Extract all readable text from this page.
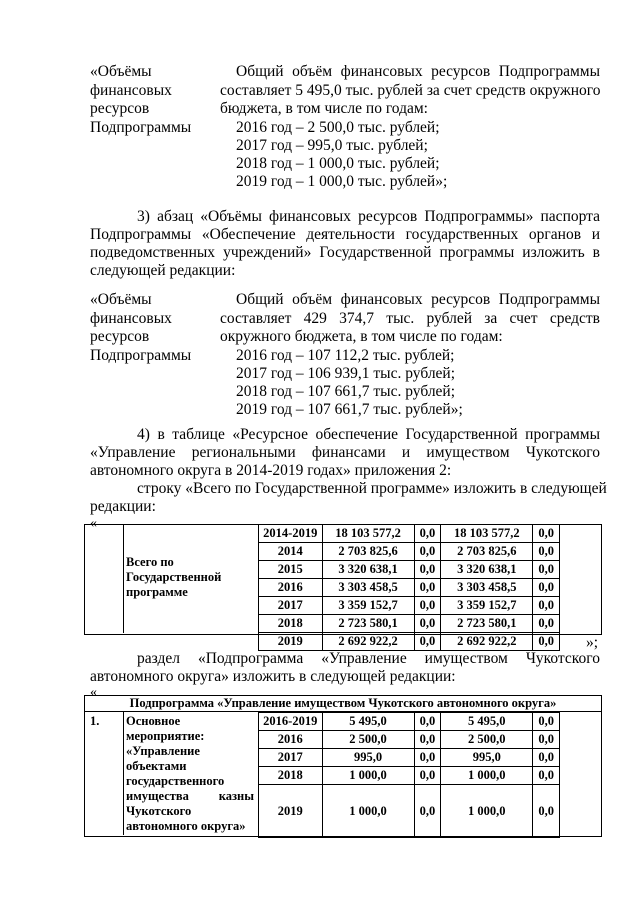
«Объёмы
финансовых
ресурсов
Подпрограммы
Общий объём финансовых ресурсов Подпрограммы
составляет 5 495,0 тыс. рублей за счет средств окружного
бюджета, в том числе по годам:
2016 год – 2 500,0 тыс. рублей;
2017 год – 995,0 тыс. рублей;
2018 год – 1 000,0 тыс. рублей;
2019 год – 1 000,0 тыс. рублей»;
3) абзац «Объёмы финансовых ресурсов Подпрограммы» паспорта
Подпрограммы «Обеспечение деятельности государственных органов и
подведомственных учреждений» Государственной программы изложить в
следующей редакции:
«Объёмы
финансовых
ресурсов
Подпрограммы
Общий объём финансовых ресурсов Подпрограммы
составляет 429 374,7 тыс. рублей за счет средств
окружного бюджета, в том числе по годам:
2016 год – 107 112,2 тыс. рублей;
2017 год – 106 939,1 тыс. рублей;
2018 год – 107 661,7 тыс. рублей;
2019 год – 107 661,7 тыс. рублей»;
4) в таблице «Ресурсное обеспечение Государственной программы
«Управление региональными финансами и имуществом Чукотского
автономного округа в 2014-2019 годах» приложения 2:
строку «Всего по Государственной программе» изложить в следующей
редакции:
«
Всего по
Государственной
программе
2014-2019	18 103 577,2	0,0	18 103 577,2	0,0
2014	2 703 825,6	0,0	2 703 825,6	0,0
2015	3 320 638,1	0,0	3 320 638,1	0,0
2016	3 303 458,5	0,0	3 303 458,5	0,0
2017	3 359 152,7	0,0	3 359 152,7	0,0
2018	2 723 580,1	0,0	2 723 580,1	0,0
2019	2 692 922,2	0,0	2 692 922,2	0,0 »;
раздел «Подпрограмма «Управление имуществом Чукотского
автономного округа» изложить в следующей редакции:
«
Подпрограмма «Управление имуществом Чукотского автономного округа»
1. Основное
мероприятие:
«Управление
объектами
государственного
имущества казны
Чукотского
автономного округа»
2016-2019	5 495,0	0,0	5 495,0	0,0
2016	2 500,0	0,0	2 500,0	0,0
2017	995,0	0,0	995,0	0,0
2018	1 000,0	0,0	1 000,0	0,0
2019	1 000,0	0,0	1 000,0	0,0
